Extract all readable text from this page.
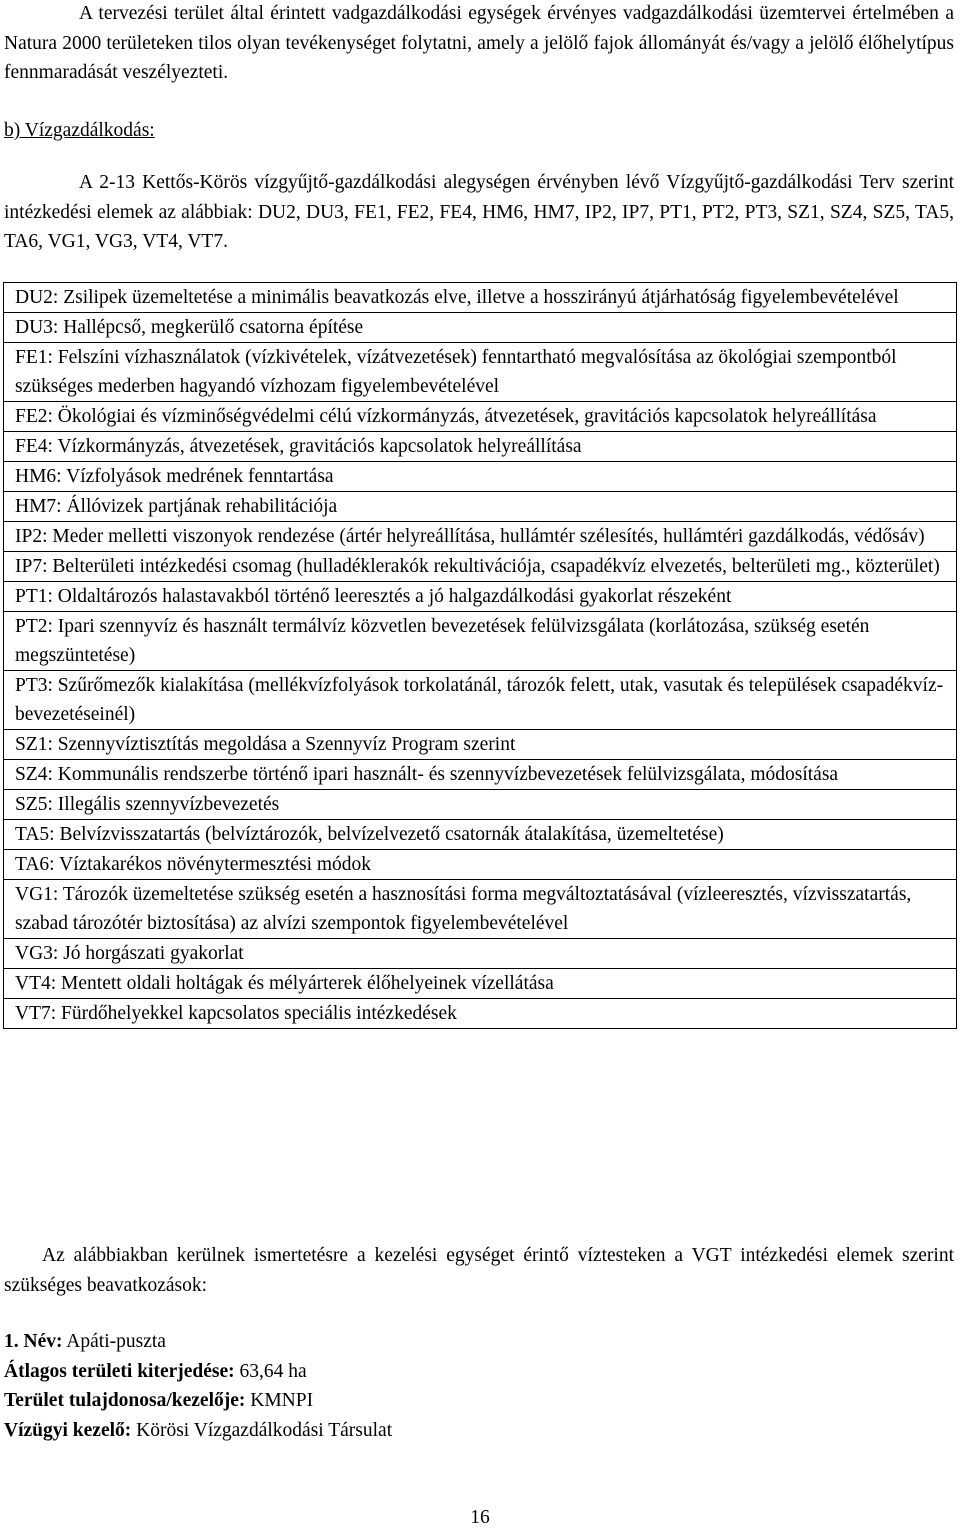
A tervezési terület által érintett vadgazdálkodási egységek érvényes vadgazdálkodási üzemtervei értelmében a Natura 2000 területeken tilos olyan tevékenységet folytatni, amely a jelölő fajok állományát és/vagy a jelölő élőhelytípus fennmaradását veszélyezteti.

b) Vízgazdálkodás:

A 2-13 Kettős-Körös vízgyűjtő-gazdálkodási alegységen érvényben lévő Vízgyűjtő-gazdálkodási Terv szerint intézkedési elemek az alábbiak: DU2, DU3, FE1, FE2, FE4, HM6, HM7, IP2, IP7, PT1, PT2, PT3, SZ1, SZ4, SZ5, TA5, TA6, VG1, VG3, VT4, VT7.

DU2: Zsilipek üzemeltetése a minimális beavatkozás elve, illetve a hosszirányú átjárhatóság figyelembevételével
DU3: Hallépcső, megkerülő csatorna építése
FE1: Felszíni vízhasználatok (vízkivételek, vízátvezetések) fenntartható megvalósítása az ökológiai szempontból szükséges mederben hagyandó vízhozam figyelembevételével
FE2: Ökológiai és vízminőségvédelmi célú vízkormányzás, átvezetések, gravitációs kapcsolatok helyreállítása
FE4: Vízkormányzás, átvezetések, gravitációs kapcsolatok helyreállítása
HM6: Vízfolyások medrének fenntartása
HM7: Állóvizek partjának rehabilitációja
IP2: Meder melletti viszonyok rendezése (ártér helyreállítása, hullámtér szélesítés, hullámtéri gazdálkodás, védősáv)
IP7: Belterületi intézkedési csomag (hulladéklerakók rekultivációja, csapadékvíz elvezetés, belterületi mg., közterület)
PT1: Oldaltározós halastavakból történő leeresztés a jó halgazdálkodási gyakorlat részeként
PT2: Ipari szennyvíz és használt termálvíz közvetlen bevezetések felülvizsgálata (korlátozása, szükség esetén megszüntetése)
PT3: Szűrőmezők kialakítása (mellékvízfolyások torkolatánál, tározók felett, utak, vasutak és települések csapadékvíz-bevezetéseinél)
SZ1: Szennyvíztisztítás megoldása a Szennyvíz Program szerint
SZ4: Kommunális rendszerbe történő ipari használt- és szennyvízbevezetések felülvizsgálata, módosítása
SZ5: Illegális szennyvízbevezetés
TA5: Belvízvisszatartás (belvíztározók, belvízelvezető csatornák átalakítása, üzemeltetése)
TA6: Víztakarékos növénytermesztési módok
VG1: Tározók üzemeltetése szükség esetén a hasznosítási forma megváltoztatásával (vízleeresztés, vízvisszatartás, szabad tározótér biztosítása) az alvízi szempontok figyelembevételével
VG3: Jó horgászati gyakorlat
VT4: Mentett oldali holtágak és mélyárterek élőhelyeinek vízellátása
VT7: Fürdőhelyekkel kapcsolatos speciális intézkedések

Az alábbiakban kerülnek ismertetésre a kezelési egységet érintő víztesteken a VGT intézkedési elemek szerint szükséges beavatkozások:

1. Név: Apáti-puszta
Átlagos területi kiterjedése: 63,64 ha
Terület tulajdonosa/kezelője: KMNPI
Vízügyi kezelő: Körösi Vízgazdálkodási Társulat

16
